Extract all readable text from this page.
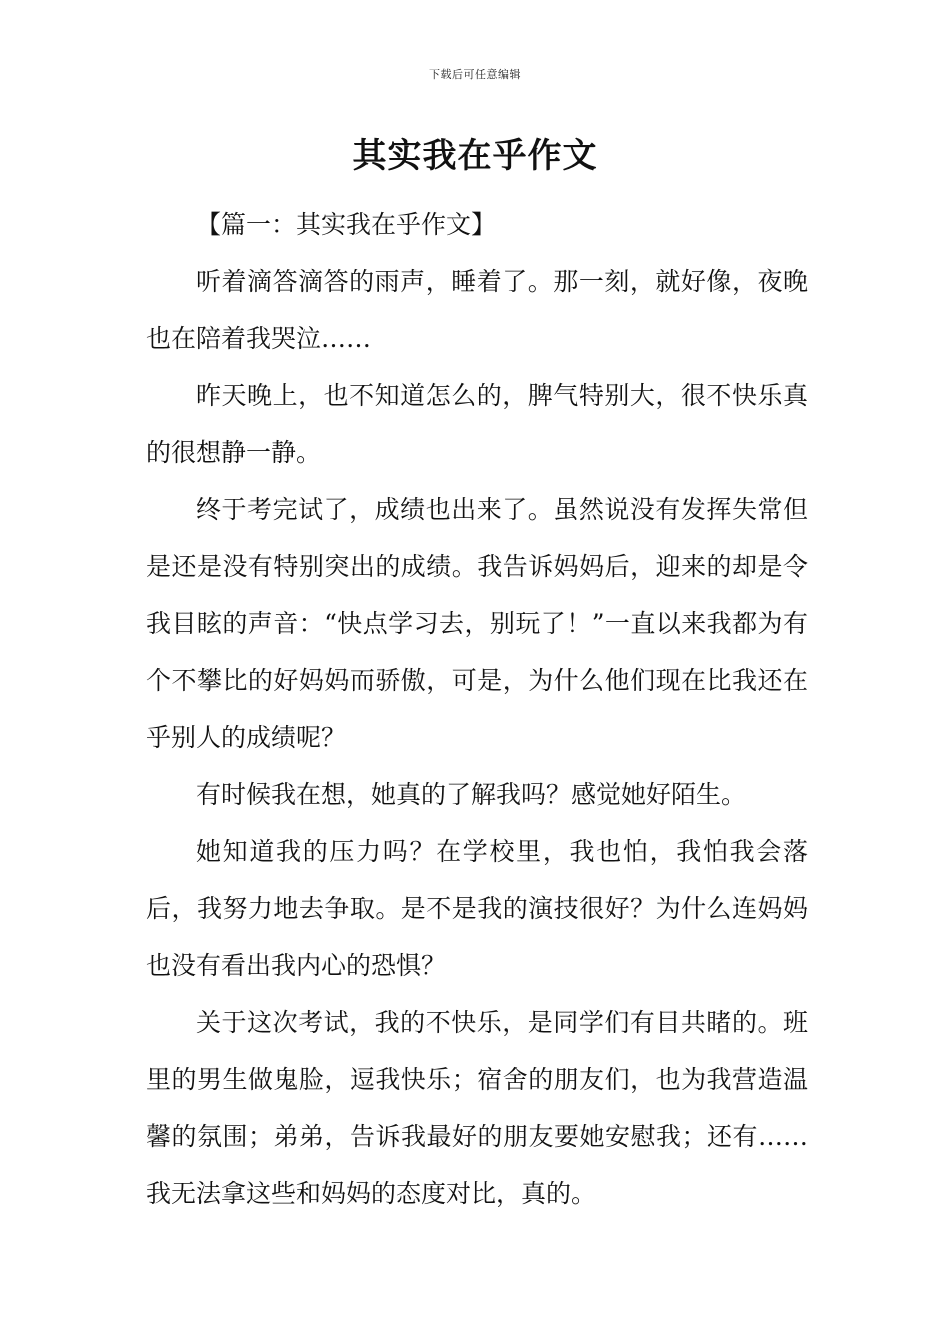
下载后可任意编辑
其实我在乎作文

【篇一：其实我在乎作文】

听着滴答滴答的雨声，睡着了。那一刻，就好像，夜晚也在陪着我哭泣……

昨天晚上，也不知道怎么的，脾气特别大，很不快乐真的很想静一静。

终于考完试了，成绩也出来了。虽然说没有发挥失常但是还是没有特别突出的成绩。我告诉妈妈后，迎来的却是令我目眩的声音：“快点学习去，别玩了！”一直以来我都为有个不攀比的好妈妈而骄傲，可是，为什么他们现在比我还在乎别人的成绩呢？

有时候我在想，她真的了解我吗？感觉她好陌生。

她知道我的压力吗？在学校里，我也怕，我怕我会落后，我努力地去争取。是不是我的演技很好？为什么连妈妈也没有看出我内心的恐惧？

关于这次考试，我的不快乐，是同学们有目共睹的。班里的男生做鬼脸，逗我快乐；宿舍的朋友们，也为我营造温馨的氛围；弟弟，告诉我最好的朋友要她安慰我；还有……我无法拿这些和妈妈的态度对比，真的。
